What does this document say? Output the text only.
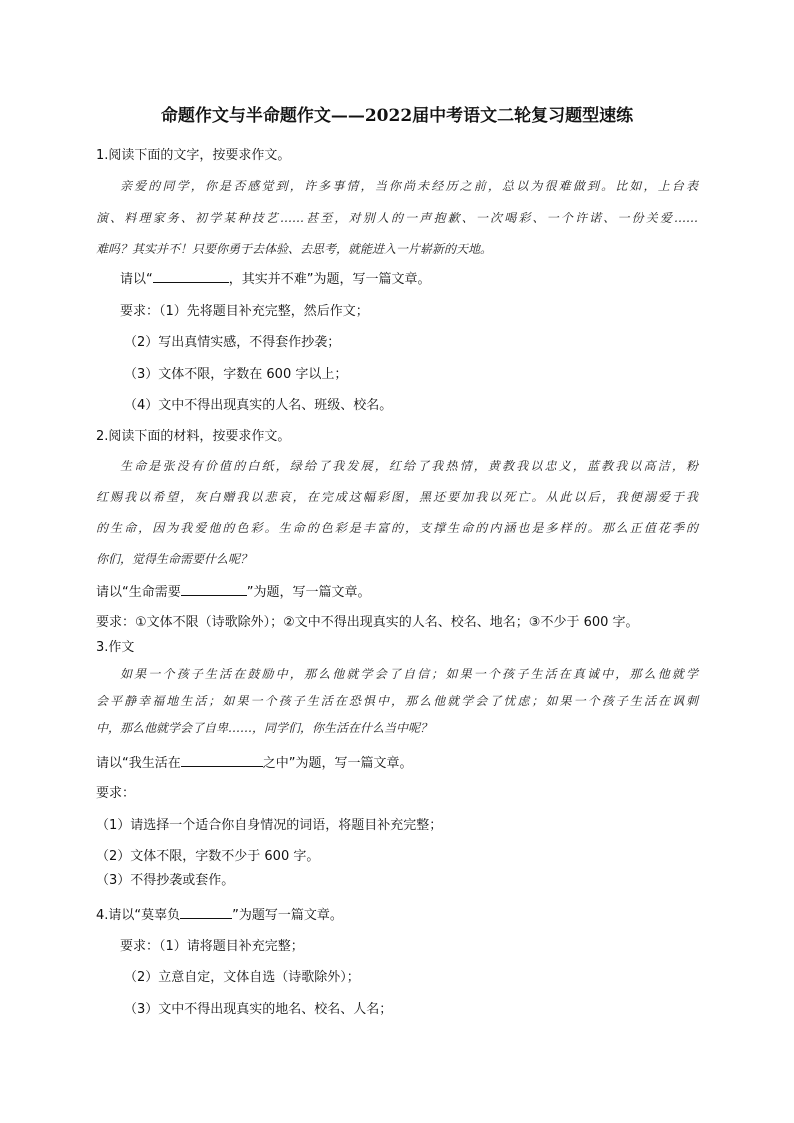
命题作文与半命题作文——2022届中考语文二轮复习题型速练
1.阅读下面的文字，按要求作文。
亲爱的同学，你是否感觉到，许多事情，当你尚未经历之前，总以为很难做到。比如，上台表
演、料理家务、初学某种技艺……甚至，对别人的一声抱歉、一次喝彩、一个许诺、一份关爱……
难吗？其实并不！只要你勇于去体验、去思考，就能进入一片崭新的天地。
请以“	，其实并不难”为题，写一篇文章。
要求：（1）先将题目补充完整，然后作文；
（2）写出真情实感，不得套作抄袭；
（3）文体不限，字数在 600 字以上；
（4）文中不得出现真实的人名、班级、校名。
2.阅读下面的材料，按要求作文。
生命是张没有价值的白纸，绿给了我发展，红给了我热情，黄教我以忠义，蓝教我以高洁，粉
红赐我以希望，灰白赠我以悲哀，在完成这幅彩图，黑还要加我以死亡。从此以后，我便溺爱于我
的生命，因为我爱他的色彩。生命的色彩是丰富的，支撑生命的内涵也是多样的。那么正值花季的
你们，觉得生命需要什么呢？
请以“生命需要	”为题，写一篇文章。
要求：①文体不限（诗歌除外）；②文中不得出现真实的人名、校名、地名；③不少于 600 字。
3.作文
如果一个孩子生活在鼓励中，那么他就学会了自信；如果一个孩子生活在真诚中，那么他就学
会平静幸福地生活；如果一个孩子生活在恐惧中，那么他就学会了忧虑；如果一个孩子生活在讽刺
中，那么他就学会了自卑……，同学们，你生活在什么当中呢？
请以“我生活在	之中”为题，写一篇文章。
要求：
（1）请选择一个适合你自身情况的词语，将题目补充完整；
（2）文体不限，字数不少于 600 字。
（3）不得抄袭或套作。
4.请以“莫辜负	”为题写一篇文章。
要求：（1）请将题目补充完整；
（2）立意自定，文体自选（诗歌除外）；
（3）文中不得出现真实的地名、校名、人名；
